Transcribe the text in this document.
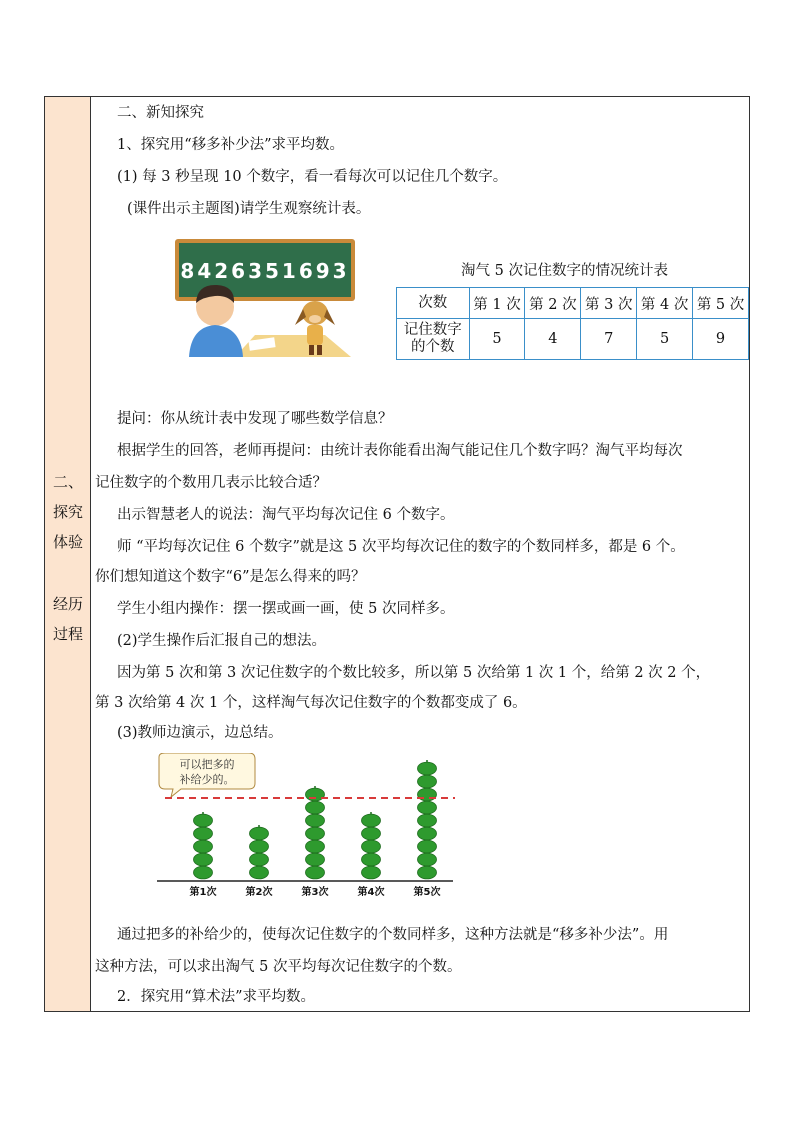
二、
探究
体验
经历
过程
二、新知探究
1、探究用“移多补少法”求平均数。
(1) 每 3 秒呈现 10 个数字，看一看每次可以记住几个数字。
(课件出示主题图)请学生观察统计表。
8426351693	淘气 5 次记住数字的情况统计表
次数	第 1 次	第 2 次	第 3 次	第 4 次	第 5 次
记住数字的个数	5	4	7	5	9
提问：你从统计表中发现了哪些数学信息？
根据学生的回答，老师再提问：由统计表你能看出淘气能记住几个数字吗？淘气平均每次
记住数字的个数用几表示比较合适？
出示智慧老人的说法：淘气平均每次记住 6 个数字。
师 “平均每次记住 6 个数字”就是这 5 次平均每次记住的数字的个数同样多，都是 6 个。
你们想知道这个数字“6”是怎么得来的吗？
学生小组内操作：摆一摆或画一画，使 5 次同样多。
(2)学生操作后汇报自己的想法。
因为第 5 次和第 3 次记住数字的个数比较多，所以第 5 次给第 1 次 1 个，给第 2 次 2 个，
第 3 次给第 4 次 1 个，这样淘气每次记住数字的个数都变成了 6。
(3)教师边演示，边总结。
可以把多的
补给少的。
第1次	第2次	第3次	第4次	第5次
通过把多的补给少的，使每次记住数字的个数同样多，这种方法就是“移多补少法”。用
这种方法，可以求出淘气 5 次平均每次记住数字的个数。
2．探究用“算术法”求平均数。
